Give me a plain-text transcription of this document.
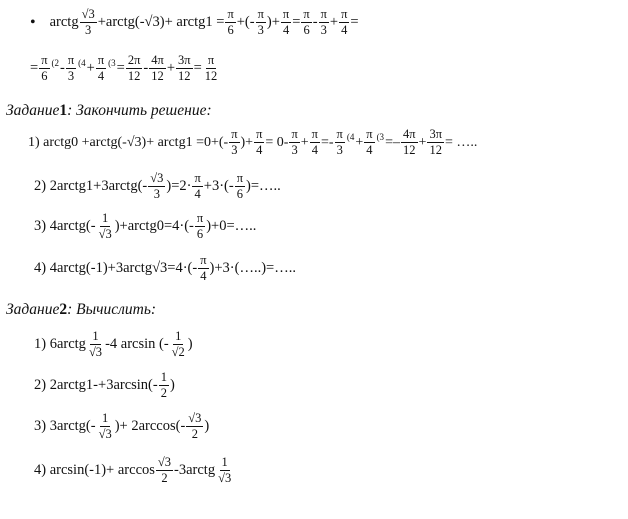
• arctg $\frac{√3}{3}$ +arctg(- √3 )+ arctg1 = $\frac{\pi}{6}$ +(- $\frac{\pi}{3}$ )+ $\frac{\pi}{4} = \frac{\pi}{6} - \frac{\pi}{3} + \frac{\pi}{4}$ =
= $\frac{\pi}{6} (2 - \frac{\pi}{3} (4 + \frac{\pi}{4} (3 = \frac{2\pi}{12} - \frac{4\pi}{12} + \frac{3\pi}{12} = \frac{\pi}{12}$
Задание 1 : Закончить решение:
1) arctg0 +arctg(- √3 )+ arctg1 $=0+(- \frac{\pi}{3}$ )+ $\frac{\pi}{4} = 0- \frac{\pi}{3} + \frac{\pi}{4} =- \frac{\pi}{3} (4 + \frac{\pi}{4} (3$ = – $\frac{4\pi}{12} + \frac{3\pi}{12}$ = …..
2) 2arctg1+3arctg(- $\frac{√3}{3} )=2\cdot \frac{\pi}{4} +3\cdot(- \frac{\pi}{6}$ )=…..
3) 4arctg(- $\frac{1}{√3}$ )+arctg0=4·(- $\frac{\pi}{6}$ )+0=…..
4) 4arctg(-1)+3arctg $√3 =4\cdot(- \frac{\pi}{4}$ )+3·(…..)=…..
Задание 2 : Вычислить:
1) 6arctg $\frac{1}{√3} -4$ arcsin (- $\frac{1}{√2}$ )
2) 2arctg1-+3arcsin(- $\frac{1}{2}$ )
3) 3arctg(- $\frac{1}{√3}$ )+ $2\arccos(- \frac{√3}{2}$ )
4) $\arcsin(-1)+ \arccos \frac{√3}{2}$ -3arctg $\frac{1}{√3}$
